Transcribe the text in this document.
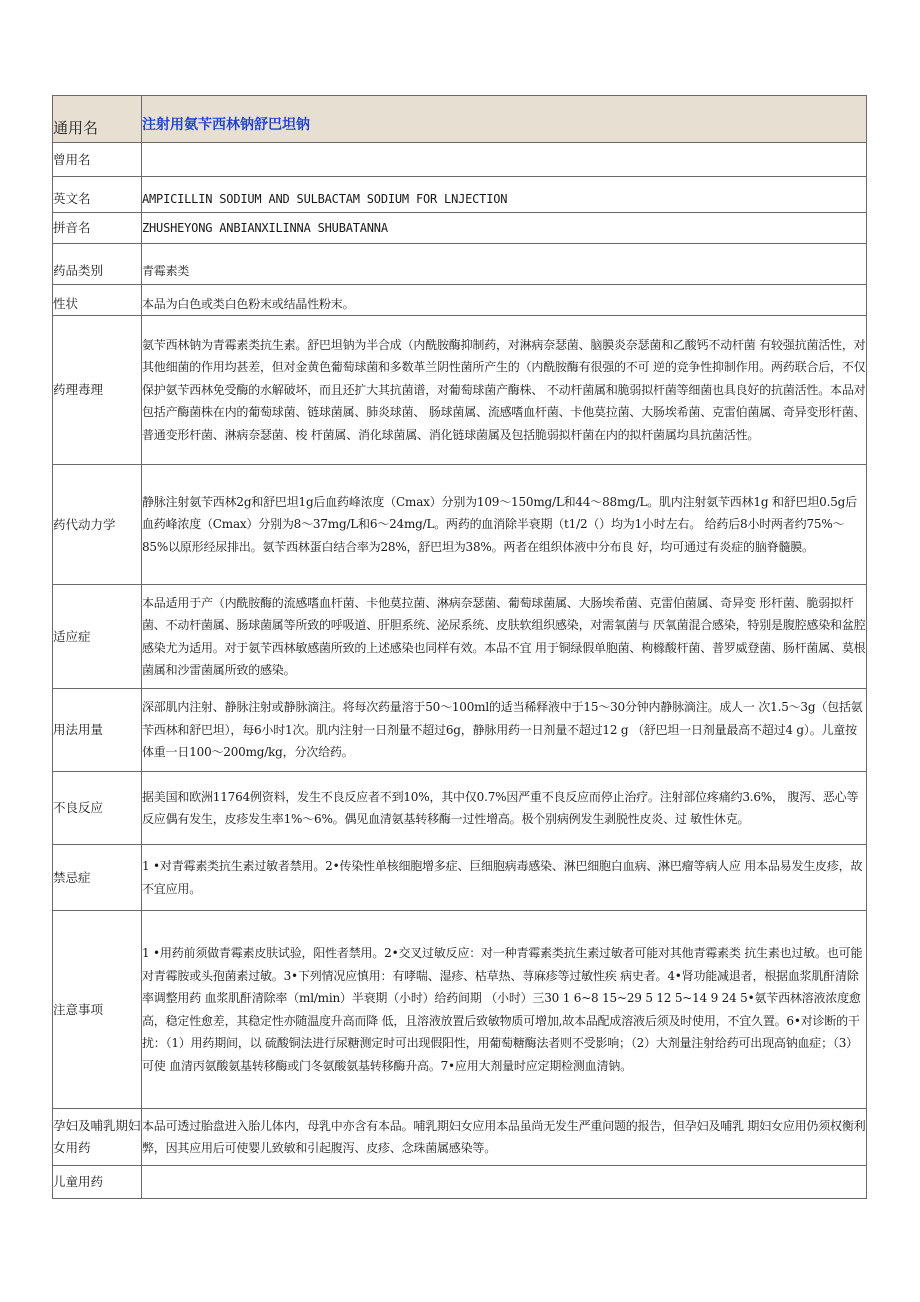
通用名	注射用氨苄西林钠舒巴坦钠
曾用名	
英文名	AMPICILLIN SODIUM AND SULBACTAM SODIUM FOR LNJECTION
拼音名	ZHUSHEYONG ANBIANXILINNA SHUBATANNA
药品类别	青霉素类
性状	本品为白色或类白色粉末或结晶性粉末。
药理毒理	氨苄西林钠为青霉素类抗生素。舒巴坦钠为半合成（内酰胺酶抑制药，对淋病奈瑟菌、脑膜炎奈瑟菌和乙酸钙不动杆菌 有较强抗菌活性，对其他细菌的作用均甚差，但对金黄色葡萄球菌和多数革兰阴性菌所产生的（内酰胺酶有很强的不可 逆的竞争性抑制作用。两药联合后，不仅保护氨苄西林免受酶的水解破坏，而且还扩大其抗菌谱，对葡萄球菌产酶株、 不动杆菌属和脆弱拟杆菌等细菌也具良好的抗菌活性。本品对包括产酶菌株在内的葡萄球菌、链球菌属、肺炎球菌、 肠球菌属、流感嗜血杆菌、卡他莫拉菌、大肠埃希菌、克雷伯菌属、奇异变形杆菌、普通变形杆菌、淋病奈瑟菌、梭 杆菌属、消化球菌属、消化链球菌属及包括脆弱拟杆菌在内的拟杆菌属均具抗菌活性。
药代动力学	静脉注射氨苄西林2g和舒巴坦1g后血药峰浓度（Cmax）分别为109～150mg/L和44～88mg/L。肌内注射氨苄西林1g 和舒巴坦0.5g后血药峰浓度（Cmax）分别为8～37mg/L和6～24mg/L。两药的血消除半衰期（t1/2（）均为1小时左右。 给药后8小时两者约75%～85%以原形经尿排出。氨苄西林蛋白结合率为28%，舒巴坦为38%。两者在组织体液中分布良 好，均可通过有炎症的脑脊髓膜。
适应症	本品适用于产（内酰胺酶的流感嗜血杆菌、卡他莫拉菌、淋病奈瑟菌、葡萄球菌属、大肠埃希菌、克雷伯菌属、奇异变 形杆菌、脆弱拟杆菌、不动杆菌属、肠球菌属等所致的呼吸道、肝胆系统、泌尿系统、皮肤软组织感染，对需氧菌与 厌氧菌混合感染，特别是腹腔感染和盆腔感染尤为适用。对于氨苄西林敏感菌所致的上述感染也同样有效。本品不宜 用于铜绿假单胞菌、枸橼酸杆菌、普罗威登菌、肠杆菌属、莫根菌属和沙雷菌属所致的感染。
用法用量	深部肌内注射、静脉注射或静脉滴注。将每次药量溶于50～100ml的适当稀释液中于15～30分钟内静脉滴注。成人一 次1.5～3g（包括氨苄西林和舒巴坦），每6小时1次。肌内注射一日剂量不超过6g，静脉用药一日剂量不超过12 g （舒巴坦一日剂量最高不超过4 g）。儿童按体重一日100～200mg/kg，分次给药。
不良反应	据美国和欧洲11764例资料，发生不良反应者不到10%，其中仅0.7%因严重不良反应而停止治疗。注射部位疼痛约3.6%， 腹泻、恶心等反应偶有发生，皮疹发生率1%～6%。偶见血清氨基转移酶一过性增高。极个别病例发生剥脱性皮炎、过 敏性休克。
禁忌症	1 •对青霉素类抗生素过敏者禁用。2•传染性单核细胞增多症、巨细胞病毒感染、淋巴细胞白血病、淋巴瘤等病人应 用本品易发生皮疹，故不宜应用。
注意事项	1 •用药前须做青霉素皮肤试验，阳性者禁用。2•交叉过敏反应：对一种青霉素类抗生素过敏者可能对其他青霉素类 抗生素也过敏。也可能对青霉胺或头孢菌素过敏。3•下列情况应慎用：有哮喘、湿疹、枯草热、荨麻疹等过敏性疾 病史者。4•肾功能减退者，根据血浆肌酐清除率调整用药 血浆肌酐清除率（ml/min）半衰期（小时）给药间期 （小时）三30 1 6~8 15~29 5 12 5~14 9 24 5•氨苄西林溶液浓度愈高，稳定性愈差，其稳定性亦随温度升高而降 低，且溶液放置后致敏物质可增加,故本品配成溶液后须及时使用，不宜久置。6•对诊断的干扰：（1）用药期间，以 硫酸铜法进行尿糖测定时可出现假阳性，用葡萄糖酶法者则不受影响；（2）大剂量注射给药可出现高钠血症；（3）可使 血清丙氨酸氨基转移酶或门冬氨酸氨基转移酶升高。7•应用大剂量时应定期检测血清钠。
孕妇及哺乳期妇女用药	本品可透过胎盘进入胎儿体内，母乳中亦含有本品。哺乳期妇女应用本品虽尚无发生严重问题的报告，但孕妇及哺乳 期妇女应用仍须权衡利弊，因其应用后可使婴儿致敏和引起腹泻、皮疹、念珠菌属感染等。
儿童用药	
